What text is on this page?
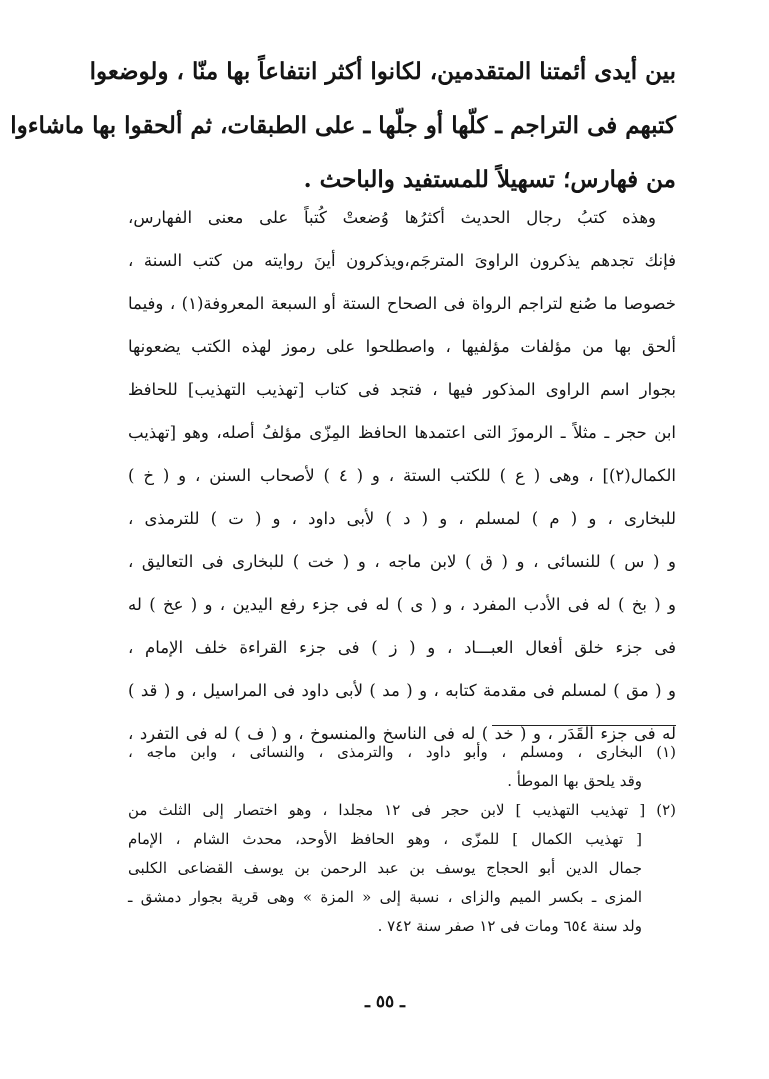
بين أيدى أئمتنا المتقدمين، لكانوا أكثر انتفاعاً بها منّا ، ولوضعوا
كتبهم فى التراجم ـ كلّها أو جلّها ـ على الطبقات، ثم ألحقوا بها ماشاءوا
من فهارس؛ تسهيلاً للمستفيد والباحث .
وهذه كتبُ رجال الحديث أكثرُها وُضعتْ كُتباً على معنى الفهارس،
فإنك تجدهم يذكرون الراوىَ المترجَم،ويذكرون أينَ روايته من كتب السنة ،
خصوصا ما صُنع لتراجم الرواة فى الصحاح الستة أو السبعة المعروفة(١) ، وفيما
ألحق بها من مؤلفات مؤلفيها ، واصطلحوا على رموز لهذه الكتب يضعونها
بجوار اسم الراوى المذكور فيها ، فتجد فى كتاب [تهذيب التهذيب] للحافظ
ابن حجر ـ مثلاً ـ الرموزَ التى اعتمدها الحافظ المِزّى مؤلفُ أصله، وهو [تهذيب
الكمال(٢)] ، وهى ( ع ) للكتب الستة ، و ( ٤ ) لأصحاب السنن ، و ( خ )
للبخارى ، و ( م ) لمسلم ، و ( د ) لأبى داود ، و ( ت ) للترمذى ،
و ( س ) للنسائى ، و ( ق ) لابن ماجه ، و ( خت ) للبخارى فى التعاليق ،
و ( بخ ) له فى الأدب المفرد ، و ( ى ) له فى جزء رفع اليدين ، و ( عخ ) له
فى جزء خلق أفعال العبـــاد ، و ( ز ) فى جزء القراءة خلف الإمام ،
و ( مق ) لمسلم فى مقدمة كتابه ، و ( مد ) لأبى داود فى المراسيل ، و ( قد )
له فى جزء القَدَر ، و ( خد ) له فى الناسخ والمنسوخ ، و ( ف ) له فى التفرد ،
(١) البخارى ، ومسلم ، وأبو داود ، والترمذى ، والنسائى ، وابن ماجه ،
وقد يلحق بها الموطأ .
(٢) [ تهذيب التهذيب ] لابن حجر فى ١٢ مجلدا ، وهو اختصار إلى الثلث من
[ تهذيب الكمال ] للمزّى ، وهو الحافظ الأوحد، محدث الشام ، الإمام
جمال الدين أبو الحجاج يوسف بن عبد الرحمن بن يوسف القضاعى الكلبى
المزى ـ بكسر الميم والزاى ، نسبة إلى « المزة » وهى قرية بجوار دمشق ـ
ولد سنة ٦٥٤ ومات فى ١٢ صفر سنة ٧٤٢ .
ـ ٥٥ ـ
